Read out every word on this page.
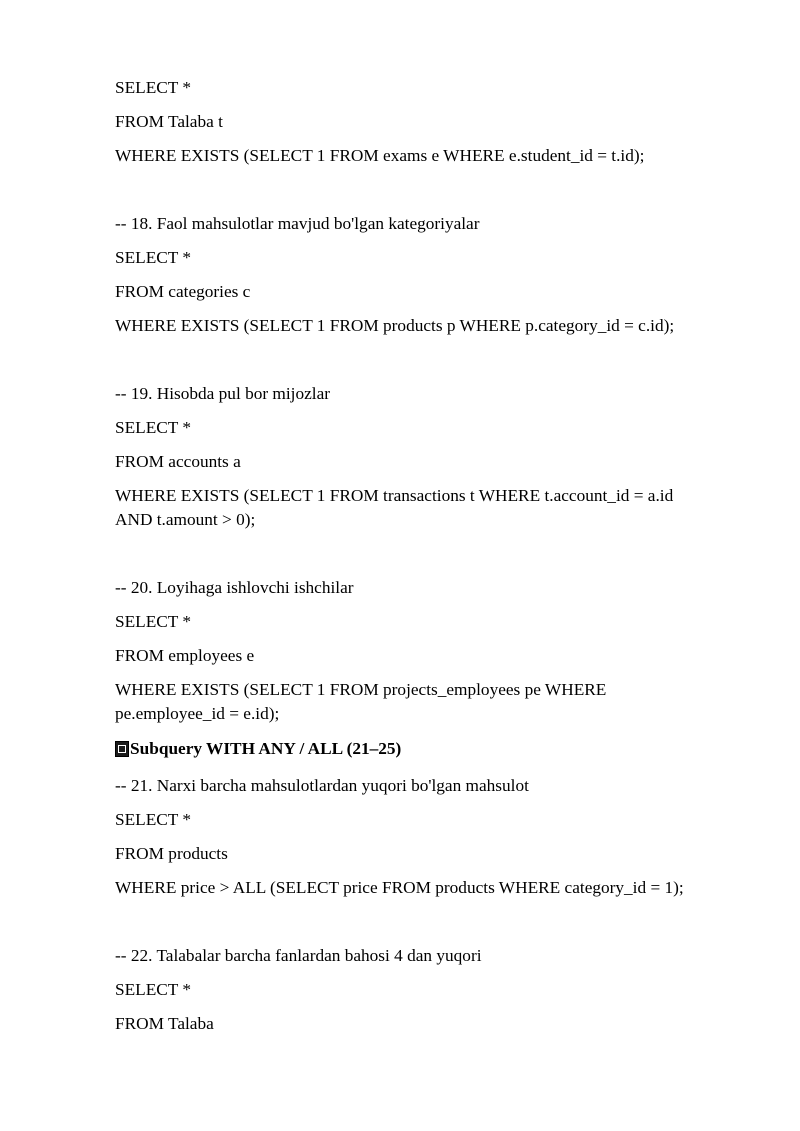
SELECT *
FROM Talaba t
WHERE EXISTS (SELECT 1 FROM exams e WHERE e.student_id = t.id);
-- 18. Faol mahsulotlar mavjud bo'lgan kategoriyalar
SELECT *
FROM categories c
WHERE EXISTS (SELECT 1 FROM products p WHERE p.category_id = c.id);
-- 19. Hisobda pul bor mijozlar
SELECT *
FROM accounts a
WHERE EXISTS (SELECT 1 FROM transactions t WHERE t.account_id = a.id
AND t.amount > 0);
-- 20. Loyihaga ishlovchi ishchilar
SELECT *
FROM employees e
WHERE EXISTS (SELECT 1 FROM projects_employees pe WHERE
pe.employee_id = e.id);
Subquery WITH ANY / ALL (21–25)
-- 21. Narxi barcha mahsulotlardan yuqori bo'lgan mahsulot
SELECT *
FROM products
WHERE price > ALL (SELECT price FROM products WHERE category_id = 1);
-- 22. Talabalar barcha fanlardan bahosi 4 dan yuqori
SELECT *
FROM Talaba
